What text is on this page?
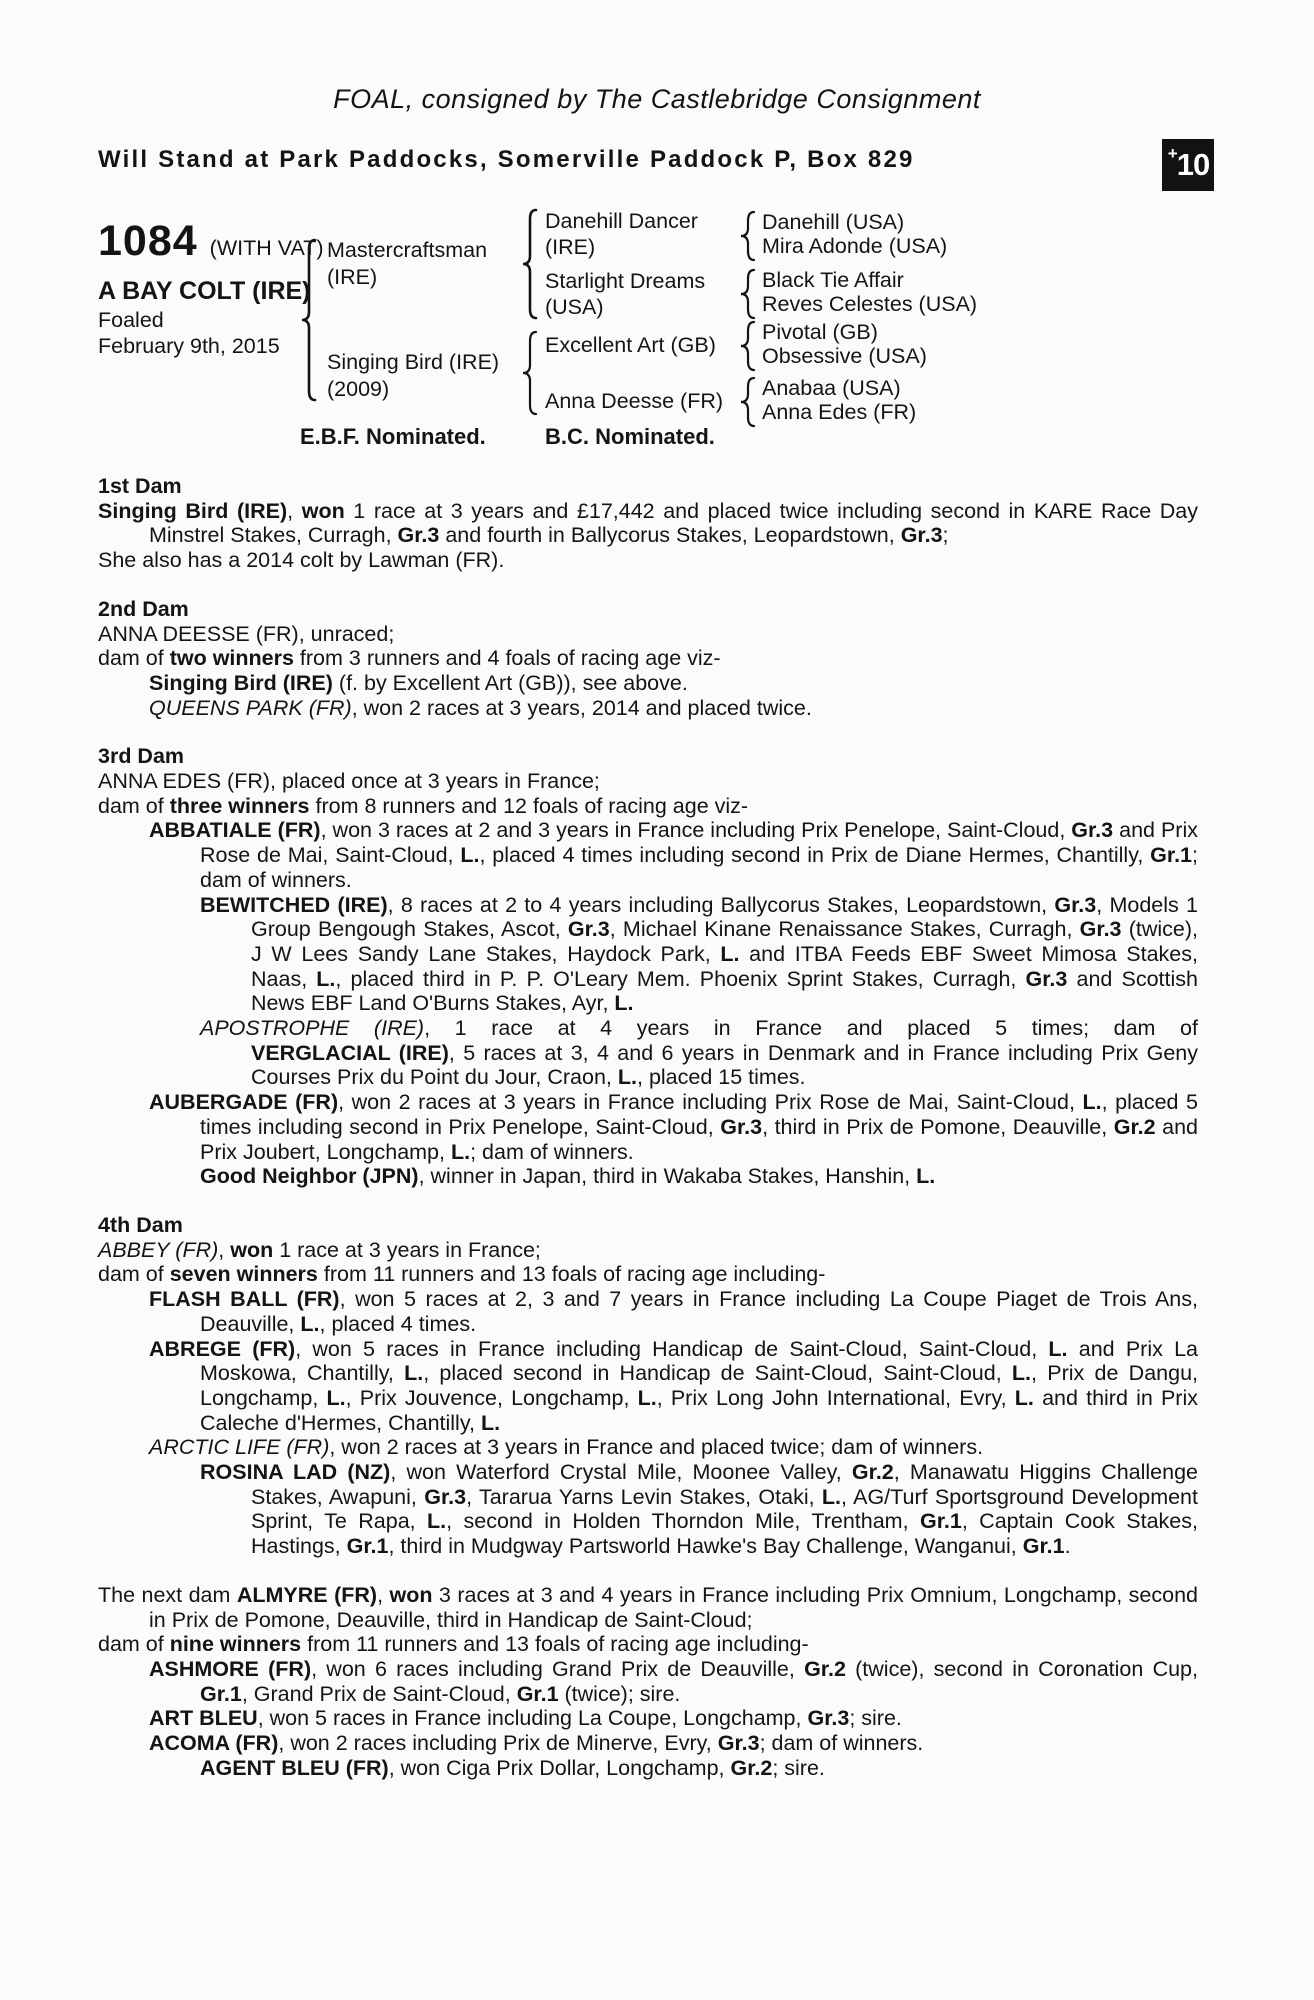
FOAL, consigned by The Castlebridge Consignment
Will Stand at Park Paddocks, Somerville Paddock P, Box 829	+ 10
1084 (WITH VAT)
A BAY COLT (IRE)
Foaled
February 9th, 2015
Mastercraftsman
(IRE)
Singing Bird (IRE)
(2009)
Danehill Dancer
(IRE)
Starlight Dreams
(USA)
Excellent Art (GB)
Anna Deesse (FR)
Danehill (USA)
Mira Adonde (USA)
Black Tie Affair
Reves Celestes (USA)
Pivotal (GB)
Obsessive (USA)
Anabaa (USA)
Anna Edes (FR)
E.B.F. Nominated.	B.C. Nominated.
1st Dam

Singing Bird (IRE), won 1 race at 3 years and £17,442 and placed twice including second in KARE Race Day Minstrel Stakes, Curragh, Gr.3 and fourth in Ballycorus Stakes, Leopardstown, Gr.3;

She also has a 2014 colt by Lawman (FR).

2nd Dam

ANNA DEESSE (FR), unraced;

dam of two winners from 3 runners and 4 foals of racing age viz-

Singing Bird (IRE) (f. by Excellent Art (GB)), see above.

QUEENS PARK (FR), won 2 races at 3 years, 2014 and placed twice.

3rd Dam

ANNA EDES (FR), placed once at 3 years in France;

dam of three winners from 8 runners and 12 foals of racing age viz-

ABBATIALE (FR), won 3 races at 2 and 3 years in France including Prix Penelope, Saint-Cloud, Gr.3 and Prix Rose de Mai, Saint-Cloud, L., placed 4 times including second in Prix de Diane Hermes, Chantilly, Gr.1; dam of winners.

BEWITCHED (IRE), 8 races at 2 to 4 years including Ballycorus Stakes, Leopardstown, Gr.3, Models 1 Group Bengough Stakes, Ascot, Gr.3, Michael Kinane Renaissance Stakes, Curragh, Gr.3 (twice), J W Lees Sandy Lane Stakes, Haydock Park, L. and ITBA Feeds EBF Sweet Mimosa Stakes, Naas, L., placed third in P. P. O'Leary Mem. Phoenix Sprint Stakes, Curragh, Gr.3 and Scottish News EBF Land O'Burns Stakes, Ayr, L.

APOSTROPHE (IRE), 1 race at 4 years in France and placed 5 times; dam of

VERGLACIAL (IRE), 5 races at 3, 4 and 6 years in Denmark and in France including Prix Geny Courses Prix du Point du Jour, Craon, L., placed 15 times.

AUBERGADE (FR), won 2 races at 3 years in France including Prix Rose de Mai, Saint-Cloud, L., placed 5 times including second in Prix Penelope, Saint-Cloud, Gr.3, third in Prix de Pomone, Deauville, Gr.2 and Prix Joubert, Longchamp, L.; dam of winners.

Good Neighbor (JPN), winner in Japan, third in Wakaba Stakes, Hanshin, L.

4th Dam

ABBEY (FR), won 1 race at 3 years in France;

dam of seven winners from 11 runners and 13 foals of racing age including-

FLASH BALL (FR), won 5 races at 2, 3 and 7 years in France including La Coupe Piaget de Trois Ans, Deauville, L., placed 4 times.

ABREGE (FR), won 5 races in France including Handicap de Saint-Cloud, Saint-Cloud, L. and Prix La Moskowa, Chantilly, L., placed second in Handicap de Saint-Cloud, Saint-Cloud, L., Prix de Dangu, Longchamp, L., Prix Jouvence, Longchamp, L., Prix Long John International, Evry, L. and third in Prix Caleche d'Hermes, Chantilly, L.

ARCTIC LIFE (FR), won 2 races at 3 years in France and placed twice; dam of winners.

ROSINA LAD (NZ), won Waterford Crystal Mile, Moonee Valley, Gr.2, Manawatu Higgins Challenge Stakes, Awapuni, Gr.3, Tararua Yarns Levin Stakes, Otaki, L., AG/Turf Sportsground Development Sprint, Te Rapa, L., second in Holden Thorndon Mile, Trentham, Gr.1, Captain Cook Stakes, Hastings, Gr.1, third in Mudgway Partsworld Hawke's Bay Challenge, Wanganui, Gr.1.

The next dam ALMYRE (FR), won 3 races at 3 and 4 years in France including Prix Omnium, Longchamp, second in Prix de Pomone, Deauville, third in Handicap de Saint-Cloud;

dam of nine winners from 11 runners and 13 foals of racing age including-

ASHMORE (FR), won 6 races including Grand Prix de Deauville, Gr.2 (twice), second in Coronation Cup, Gr.1, Grand Prix de Saint-Cloud, Gr.1 (twice); sire.

ART BLEU, won 5 races in France including La Coupe, Longchamp, Gr.3; sire.

ACOMA (FR), won 2 races including Prix de Minerve, Evry, Gr.3; dam of winners.

AGENT BLEU (FR), won Ciga Prix Dollar, Longchamp, Gr.2; sire.
